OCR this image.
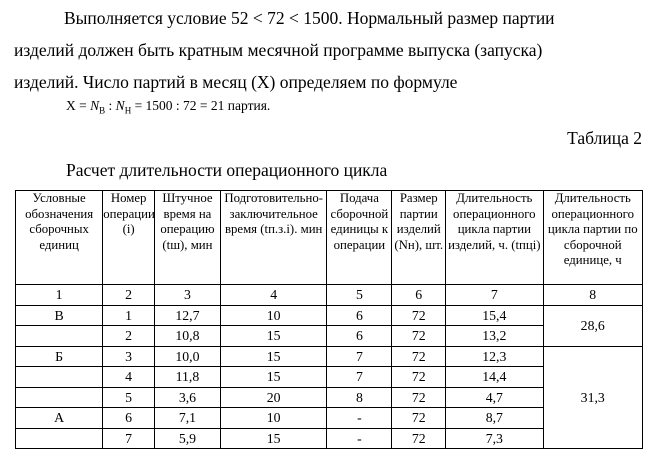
Выполняется условие 52 < 72 < 1500. Нормальный размер партии

изделий должен быть кратным месячной программе выпуска (запуска)

изделий. Число партий в месяц (X) определяем по формуле

$X = N_В$ : $N_Н = 1500$ : 72 = 21 партия.
Таблица 2
Расчет длительности операционного цикла
Условные обозначения сборочных единиц	Номер операции (i)	Штучное время на операцию (tш), мин	Подготовительно-заключительное время (tп.з.i). мин	Подача сборочной единицы к операции	Размер партии изделий (Nн), шт.	Длительность операционного цикла партии изделий, ч. (tпцi)	Длительность операционного цикла партии по сборочной единице, ч
1	2	3	4	5	6	7	8
В	1	12,7	10	6	72	15,4	28,6
	2	10,8	15	6	72	13,2	
Б	3	10,0	15	7	72	12,3	31,3
	4	11,8	15	7	72	14,4	
	5	3,6	20	8	72	4,7	
А	6	7,1	10	-	72	8,7	
	7	5,9	15	-	72	7,3	
